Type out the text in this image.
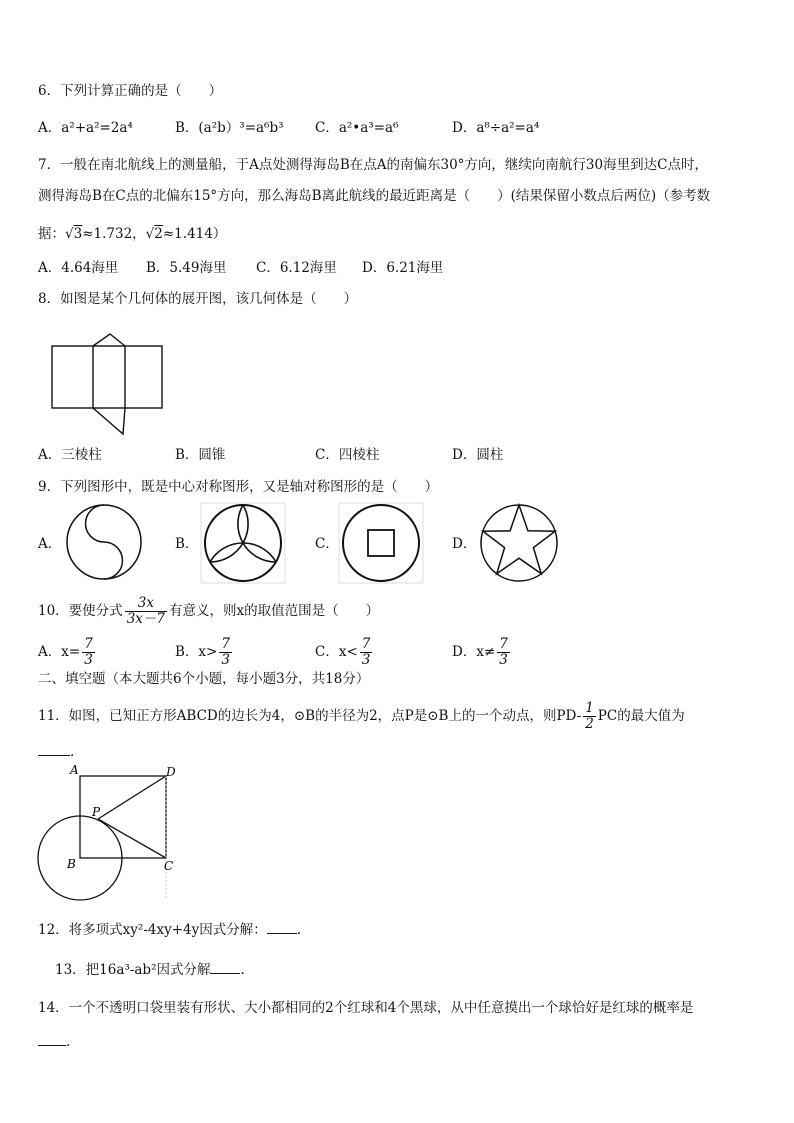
6．下列计算正确的是（　　）
A．a²+a²=2a⁴	B．(a²b）³=a⁶b³ C．a²•a³=a⁶	D．a⁸÷a²=a⁴
7．一般在南北航线上的测量船，于A点处测得海岛B在点A的南偏东30°方向，继续向南航行30海里到达C点时，
测得海岛B在C点的北偏东15°方向，那么海岛B离此航线的最近距离是（　　）(结果保留小数点后两位)（参考数
据：√3≈1.732，√2≈1.414）
A．4.64海里 B．5.49海里 C．6.12海里 D．6.21海里
8．如图是某个几何体的展开图，该几何体是（　　）
A．三棱柱	B．圆锥	C．四棱柱	D．圆柱
9．下列图形中，既是中心对称图形，又是轴对称图形的是（　　）
A．	B．	C．	D．
10．要使分式 $\frac{3x}{3x-7}$ 有意义，则x的取值范围是（　　）
A．$x= \frac{7}{3}$	B．$x> \frac{7}{3}$	C．$x< \frac{7}{3}$	D．$x\ne \frac{7}{3}$
二、填空题（本大题共6个小题，每小题3分，共18分）
11．如图，已知正方形ABCD的边长为4，⊙B的半径为2，点P是⊙B上的一个动点，则$PD- \frac{1}{2}$ PC的最大值为
.
A	D
P
B	C
12．将多项式xy²-4xy+4y因式分解： .
13．把16a³-ab²因式分解 .
14．一个不透明口袋里装有形状、大小都相同的2个红球和4个黑球，从中任意摸出一个球恰好是红球的概率是
.
